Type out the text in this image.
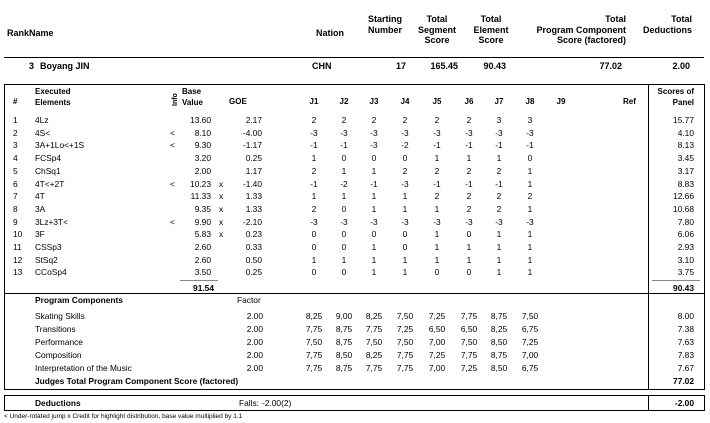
Rank Name	Nation
Starting
Number
Total
Segment
Score
Total
Element
Score
Total
Program Component
Score (factored)
Total
Deductions
3 Boyang JIN	CHN	17	165.45	90.43	77.02	2.00
#
Executed
Elements	Info
Base
Value	GOE	J1	J2	J3	J4	J5	J6	J7	J8	J9	Ref
Scores of
Panel
1 4Lz	13.60	2.17	2	2	2	2	2	2	3	3	15.77
2 4S<	<	8.10	-4.00	-3	-3	-3	-3	-3	-3	-3	-3	4.10
3 3A+1Lo<+1S	<	9.30	-1.17	-1	-1	-3	-2	-1	-1	-1	-1	8.13
4 FCSp4	3.20	0.25	1	0	0	0	1	1	1	0	3.45
5 ChSq1	2.00	1.17	2	1	1	2	2	2	2	1	3.17
6 4T<+2T	<	10.23 x	-1.40	-1	-2	-1	-3	-1	-1	-1	1	8.83
7 4T	11.33 x	1.33	1	1	1	1	2	2	2	2	12.66
8 3A	9.35 x	1.33	2	0	1	1	1	2	2	1	10.68
9 3Lz+3T<	<	9.90 x	-2.10	-3	-3	-3	-3	-3	-3	-3	-3	7.80
10 3F	5.83 x	0.23	0	0	0	0	1	0	1	1	6.06
11 CSSp3	2.60	0.33	0	0	1	0	1	1	1	1	2.93
12 StSq2	2.60	0.50	1	1	1	1	1	1	1	1	3.10
13 CCoSp4	3.50	0.25	0	0	1	1	0	0	1	1	3.75
91.54	90.43
Program Components	Factor
Skating Skills	2.00	8,25	9,00	8,25	7,50	7,25	7,75	8,75	7,50	8.00
Transitions	2.00	7,75	8,75	7,75	7,25	6,50	6,50	8,25	6,75	7.38
Performance	2.00	7,50	8,75	7,50	7,50	7,00	7,50	8,50	7,25	7.63
Composition	2.00	7,75	8,50	8,25	7,75	7,25	7,75	8,75	7,00	7.83
Interpretation of the Music	2.00	7,75	8,75	7,75	7,75	7,00	7,25	8,50	6,75	7.67
Judges Total Program Component Score (factored)	77.02
Deductions	Falls: -2.00(2)	-2.00
< Under-rotated jump x Credit for highlight distribution, base value multiplied by 1.1
